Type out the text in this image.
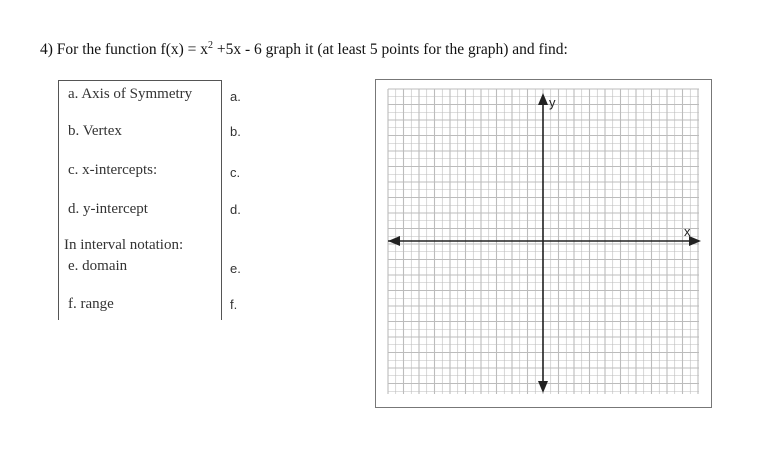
4) For the function $f(x) = x^2 +5x - 6$ graph it (at least 5 points for the graph) and find:
a. Axis of Symmetry	a.
b. Vertex	b.
c. x-intercepts:	c.
d. y-intercept	d.
In interval notation:
e. domain	e.
f. range	f.
y
x
